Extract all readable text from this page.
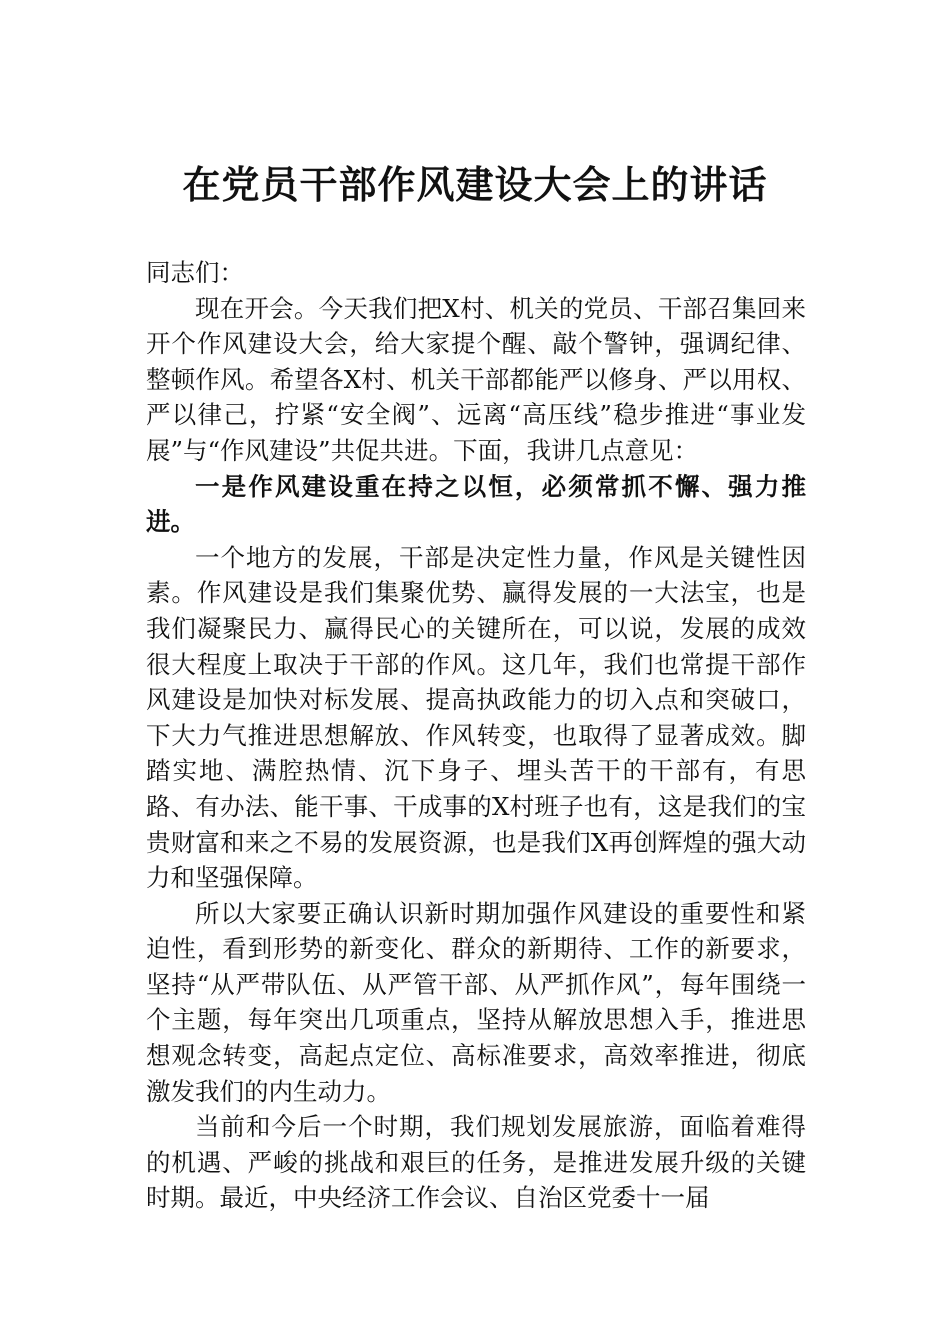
在党员干部作风建设大会上的讲话

同志们：

现在开会。今天我们把X村、机关的党员、干部召集回来开个作风建设大会，给大家提个醒、敲个警钟，强调纪律、整顿作风。希望各X村、机关干部都能严以修身、严以用权、严以律己，拧紧“安全阀”、远离“高压线”稳步推进“事业发展”与“作风建设”共促共进。下面，我讲几点意见：

一是作风建设重在持之以恒，必须常抓不懈、强力推进。

一个地方的发展，干部是决定性力量，作风是关键性因素。作风建设是我们集聚优势、赢得发展的一大法宝，也是我们凝聚民力、赢得民心的关键所在，可以说，发展的成效很大程度上取决于干部的作风。这几年，我们也常提干部作风建设是加快对标发展、提高执政能力的切入点和突破口，下大力气推进思想解放、作风转变，也取得了显著成效。脚踏实地、满腔热情、沉下身子、埋头苦干的干部有，有思路、有办法、能干事、干成事的X村班子也有，这是我们的宝贵财富和来之不易的发展资源，也是我们X再创辉煌的强大动力和坚强保障。

所以大家要正确认识新时期加强作风建设的重要性和紧迫性，看到形势的新变化、群众的新期待、工作的新要求，坚持“从严带队伍、从严管干部、从严抓作风”，每年围绕一个主题，每年突出几项重点，坚持从解放思想入手，推进思想观念转变，高起点定位、高标准要求，高效率推进，彻底激发我们的内生动力。

当前和今后一个时期，我们规划发展旅游，面临着难得的机遇、严峻的挑战和艰巨的任务，是推进发展升级的关键时期。最近，中央经济工作会议、自治区党委十一届
